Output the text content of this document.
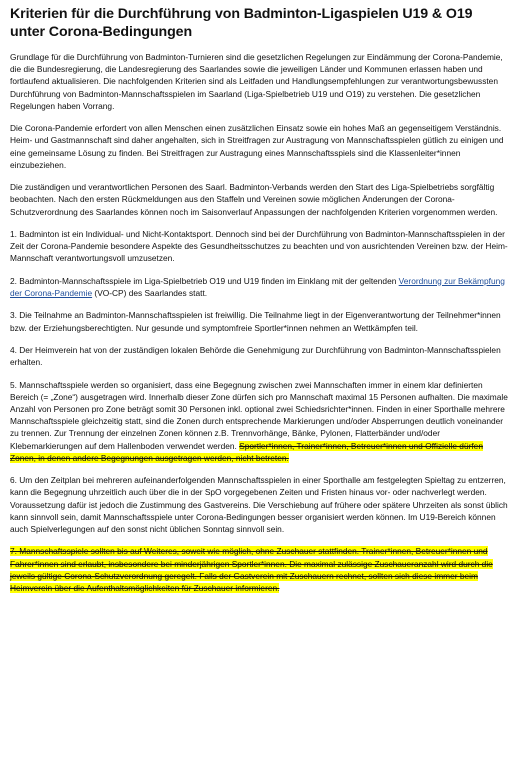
Kriterien für die Durchführung von Badminton-Ligaspielen U19 & O19 unter Corona-Bedingungen

Grundlage für die Durchführung von Badminton-Turnieren sind die gesetzlichen Regelungen zur Eindämmung der Corona-Pandemie, die die Bundesregierung, die Landesregierung des Saarlandes sowie die jeweiligen Länder und Kommunen erlassen haben und fortlaufend aktualisieren. Die nachfolgenden Kriterien sind als Leitfaden und Handlungsempfehlungen zur verantwortungsbewussten Durchführung von Badminton-Mannschaftsspielen im Saarland (Liga-Spielbetrieb U19 und O19) zu verstehen. Die gesetzlichen Regelungen haben Vorrang.

Die Corona-Pandemie erfordert von allen Menschen einen zusätzlichen Einsatz sowie ein hohes Maß an gegenseitigem Verständnis. Heim- und Gastmannschaft sind daher angehalten, sich in Streitfragen zur Austragung von Mannschaftsspielen gütlich zu einigen und eine gemeinsame Lösung zu finden. Bei Streitfragen zur Austragung eines Mannschaftsspiels sind die Klassenleiter*innen einzubeziehen.

Die zuständigen und verantwortlichen Personen des Saarl. Badminton-Verbands werden den Start des Liga-Spielbetriebs sorgfältig beobachten. Nach den ersten Rückmeldungen aus den Staffeln und Vereinen sowie möglichen Änderungen der Corona-Schutzverordnung des Saarlandes können noch im Saisonverlauf Anpassungen der nachfolgenden Kriterien vorgenommen werden.

1. Badminton ist ein Individual- und Nicht-Kontaktsport. Dennoch sind bei der Durchführung von Badminton-Mannschaftsspielen in der Zeit der Corona-Pandemie besondere Aspekte des Gesundheitsschutzes zu beachten und von ausrichtenden Vereinen bzw. der Heim-Mannschaft verantwortungsvoll umzusetzen.

2. Badminton-Mannschaftsspiele im Liga-Spielbetrieb O19 und U19 finden im Einklang mit der geltenden Verordnung zur Bekämpfung der Corona-Pandemie (VO-CP) des Saarlandes statt.

3. Die Teilnahme an Badminton-Mannschaftsspielen ist freiwillig. Die Teilnahme liegt in der Eigenverantwortung der Teilnehmer*innen bzw. der Erziehungsberechtigten. Nur gesunde und symptomfreie Sportler*innen nehmen an Wettkämpfen teil.

4. Der Heimverein hat von der zuständigen lokalen Behörde die Genehmigung zur Durchführung von Badminton-Mannschaftsspielen erhalten.

5. Mannschaftsspiele werden so organisiert, dass eine Begegnung zwischen zwei Mannschaften immer in einem klar definierten Bereich (= „Zone“) ausgetragen wird. Innerhalb dieser Zone dürfen sich pro Mannschaft maximal 15 Personen aufhalten. Die maximale Anzahl von Personen pro Zone beträgt somit 30 Personen inkl. optional zwei Schiedsrichter*innen. Finden in einer Sporthalle mehrere Mannschaftsspiele gleichzeitig statt, sind die Zonen durch entsprechende Markierungen und/oder Absperrungen deutlich voneinander zu trennen. Zur Trennung der einzelnen Zonen können z.B. Trennvorhänge, Bänke, Pylonen, Flatterbänder und/oder Klebemarkierungen auf dem Hallenboden verwendet werden. Sportler*innen, Trainer*innen, Betreuer*innen und Offizielle dürfen Zonen, in denen andere Begegnungen ausgetragen werden, nicht betreten.

6. Um den Zeitplan bei mehreren aufeinanderfolgenden Mannschaftsspielen in einer Sporthalle am festgelegten Spieltag zu entzerren, kann die Begegnung uhrzeitlich auch über die in der SpO vorgegebenen Zeiten und Fristen hinaus vor- oder nachverlegt werden. Voraussetzung dafür ist jedoch die Zustimmung des Gastvereins. Die Verschiebung auf frühere oder spätere Uhrzeiten als sonst üblich kann sinnvoll sein, damit Mannschaftsspiele unter Corona-Bedingungen besser organisiert werden können. Im U19-Bereich können auch Spielverlegungen auf den sonst nicht üblichen Sonntag sinnvoll sein.

7. Mannschaftsspiele sollten bis auf Weiteres, soweit wie möglich, ohne Zuschauer stattfinden. Trainer*innen, Betreuer*innen und Fahrer*innen sind erlaubt, insbesondere bei minderjährigen Sportler*innen. Die maximal zulässige Zuschaueranzahl wird durch die jeweils gültige Corona-Schutzverordnung geregelt. Falls der Gastverein mit Zuschauern rechnet, sollten sich diese immer beim Heimverein über die Aufenthaltsmöglichkeiten für Zuschauer informieren.
